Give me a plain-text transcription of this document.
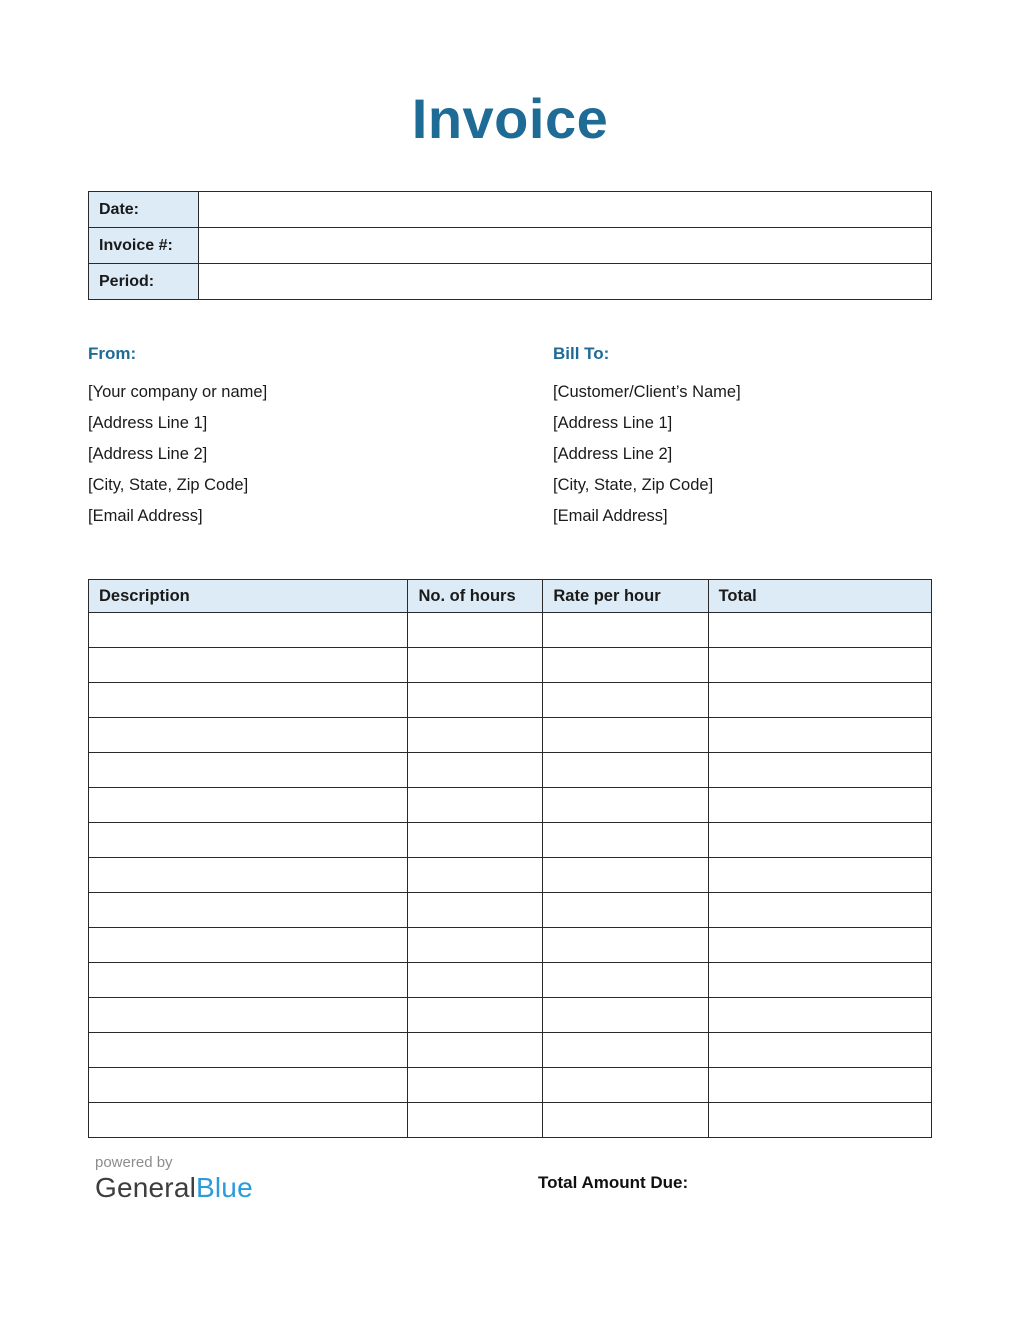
Invoice
Date:	
Invoice #:	
Period:	
From:
[Your company or name]
[Address Line 1]
[Address Line 2]
[City, State, Zip Code]
[Email Address]
Bill To:
[Customer/Client’s Name]
[Address Line 1]
[Address Line 2]
[City, State, Zip Code]
[Email Address]
Description	No. of hours	Rate per hour	Total

powered by
GeneralBlue	Total Amount Due:
